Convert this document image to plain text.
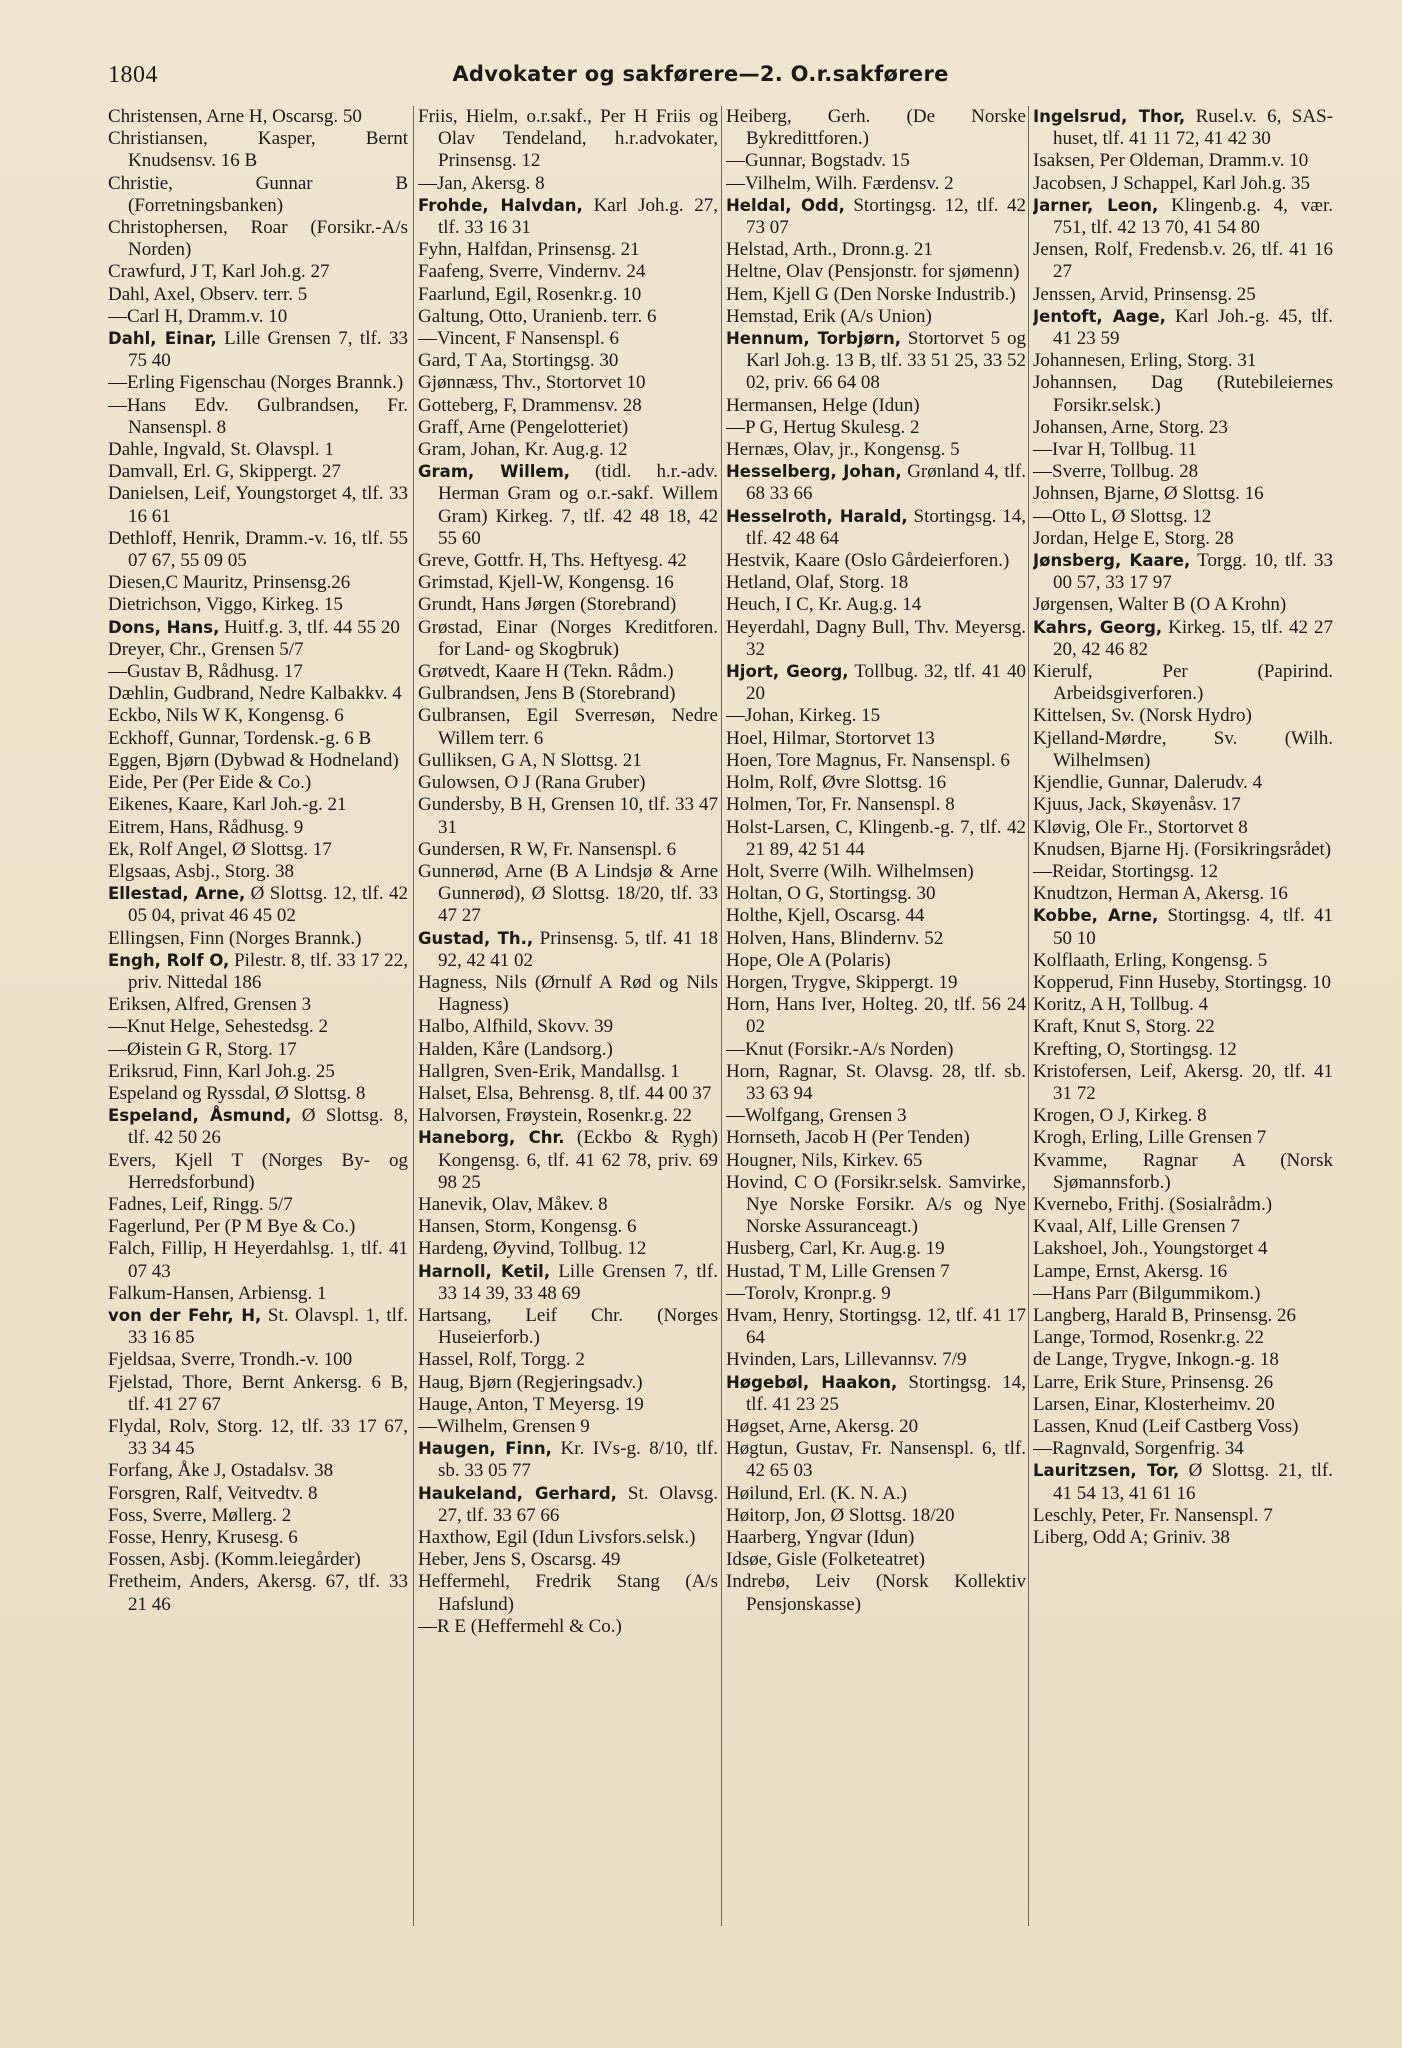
1804	Advokater og sakførere—2. O.r.sakførere

Christensen, Arne H, Oscarsg. 50

Christiansen, Kasper, Bernt Knudsensv. 16 B

Christie, Gunnar B (Forretningsbanken)

Christophersen, Roar (Forsikr.-A/s Norden)

Crawfurd, J T, Karl Joh.g. 27

Dahl, Axel, Observ. terr. 5

—Carl H, Dramm.v. 10

Dahl, Einar, Lille Grensen 7, tlf. 33 75 40

—Erling Figenschau (Norges Brannk.)

—Hans Edv. Gulbrandsen, Fr. Nansenspl. 8

Dahle, Ingvald, St. Olavspl. 1

Damvall, Erl. G, Skippergt. 27

Danielsen, Leif, Youngstorget 4, tlf. 33 16 61

Dethloff, Henrik, Dramm.-v. 16, tlf. 55 07 67, 55 09 05

Diesen,C Mauritz, Prinsensg.26

Dietrichson, Viggo, Kirkeg. 15

Dons, Hans, Huitf.g. 3, tlf. 44 55 20

Dreyer, Chr., Grensen 5/7

—Gustav B, Rådhusg. 17

Dæhlin, Gudbrand, Nedre Kalbakkv. 4

Eckbo, Nils W K, Kongensg. 6

Eckhoff, Gunnar, Tordensk.-g. 6 B

Eggen, Bjørn (Dybwad & Hodneland)

Eide, Per (Per Eide & Co.)

Eikenes, Kaare, Karl Joh.-g. 21

Eitrem, Hans, Rådhusg. 9

Ek, Rolf Angel, Ø Slottsg. 17

Elgsaas, Asbj., Storg. 38

Ellestad, Arne, Ø Slottsg. 12, tlf. 42 05 04, privat 46 45 02

Ellingsen, Finn (Norges Brannk.)

Engh, Rolf O, Pilestr. 8, tlf. 33 17 22, priv. Nittedal 186

Eriksen, Alfred, Grensen 3

—Knut Helge, Sehestedsg. 2

—Øistein G R, Storg. 17

Eriksrud, Finn, Karl Joh.g. 25

Espeland og Ryssdal, Ø Slottsg. 8

Espeland, Åsmund, Ø Slottsg. 8, tlf. 42 50 26

Evers, Kjell T (Norges By- og Herredsforbund)

Fadnes, Leif, Ringg. 5/7

Fagerlund, Per (P M Bye & Co.)

Falch, Fillip, H Heyerdahlsg. 1, tlf. 41 07 43

Falkum-Hansen, Arbiensg. 1

von der Fehr, H, St. Olavspl. 1, tlf. 33 16 85

Fjeldsaa, Sverre, Trondh.-v. 100

Fjelstad, Thore, Bernt Ankersg. 6 B, tlf. 41 27 67

Flydal, Rolv, Storg. 12, tlf. 33 17 67, 33 34 45

Forfang, Åke J, Ostadalsv. 38

Forsgren, Ralf, Veitvedtv. 8

Foss, Sverre, Møllerg. 2

Fosse, Henry, Krusesg. 6

Fossen, Asbj. (Komm.leiegårder)

Fretheim, Anders, Akersg. 67, tlf. 33 21 46

Friis, Hielm, o.r.sakf., Per H Friis og Olav Tendeland, h.r.advokater, Prinsensg. 12

—Jan, Akersg. 8

Frohde, Halvdan, Karl Joh.g. 27, tlf. 33 16 31

Fyhn, Halfdan, Prinsensg. 21

Faafeng, Sverre, Vindernv. 24

Faarlund, Egil, Rosenkr.g. 10

Galtung, Otto, Uranienb. terr. 6

—Vincent, F Nansenspl. 6

Gard, T Aa, Stortingsg. 30

Gjønnæss, Thv., Stortorvet 10

Gotteberg, F, Drammensv. 28

Graff, Arne (Pengelotteriet)

Gram, Johan, Kr. Aug.g. 12

Gram, Willem, (tidl. h.r.-adv. Herman Gram og o.r.-sakf. Willem Gram) Kirkeg. 7, tlf. 42 48 18, 42 55 60

Greve, Gottfr. H, Ths. Heftyesg. 42

Grimstad, Kjell-W, Kongensg. 16

Grundt, Hans Jørgen (Storebrand)

Grøstad, Einar (Norges Kreditforen. for Land- og Skogbruk)

Grøtvedt, Kaare H (Tekn. Rådm.)

Gulbrandsen, Jens B (Storebrand)

Gulbransen, Egil Sverresøn, Nedre Willem terr. 6

Gulliksen, G A, N Slottsg. 21

Gulowsen, O J (Rana Gruber)

Gundersby, B H, Grensen 10, tlf. 33 47 31

Gundersen, R W, Fr. Nansenspl. 6

Gunnerød, Arne (B A Lindsjø & Arne Gunnerød), Ø Slottsg. 18/20, tlf. 33 47 27

Gustad, Th., Prinsensg. 5, tlf. 41 18 92, 42 41 02

Hagness, Nils (Ørnulf A Rød og Nils Hagness)

Halbo, Alfhild, Skovv. 39

Halden, Kåre (Landsorg.)

Hallgren, Sven-Erik, Mandallsg. 1

Halset, Elsa, Behrensg. 8, tlf. 44 00 37

Halvorsen, Frøystein, Rosenkr.g. 22

Haneborg, Chr. (Eckbo & Rygh) Kongensg. 6, tlf. 41 62 78, priv. 69 98 25

Hanevik, Olav, Måkev. 8

Hansen, Storm, Kongensg. 6

Hardeng, Øyvind, Tollbug. 12

Harnoll, Ketil, Lille Grensen 7, tlf. 33 14 39, 33 48 69

Hartsang, Leif Chr. (Norges Huseierforb.)

Hassel, Rolf, Torgg. 2

Haug, Bjørn (Regjeringsadv.)

Hauge, Anton, T Meyersg. 19

—Wilhelm, Grensen 9

Haugen, Finn, Kr. IVs-g. 8/10, tlf. sb. 33 05 77

Haukeland, Gerhard, St. Olavsg. 27, tlf. 33 67 66

Haxthow, Egil (Idun Livsfors.selsk.)

Heber, Jens S, Oscarsg. 49

Heffermehl, Fredrik Stang (A/s Hafslund)

—R E (Heffermehl & Co.)

Heiberg, Gerh. (De Norske Bykredittforen.)

—Gunnar, Bogstadv. 15

—Vilhelm, Wilh. Færdensv. 2

Heldal, Odd, Stortingsg. 12, tlf. 42 73 07

Helstad, Arth., Dronn.g. 21

Heltne, Olav (Pensjonstr. for sjømenn)

Hem, Kjell G (Den Norske Industrib.)

Hemstad, Erik (A/s Union)

Hennum, Torbjørn, Stortorvet 5 og Karl Joh.g. 13 B, tlf. 33 51 25, 33 52 02, priv. 66 64 08

Hermansen, Helge (Idun)

—P G, Hertug Skulesg. 2

Hernæs, Olav, jr., Kongensg. 5

Hesselberg, Johan, Grønland 4, tlf. 68 33 66

Hesselroth, Harald, Stortingsg. 14, tlf. 42 48 64

Hestvik, Kaare (Oslo Gårdeierforen.)

Hetland, Olaf, Storg. 18

Heuch, I C, Kr. Aug.g. 14

Heyerdahl, Dagny Bull, Thv. Meyersg. 32

Hjort, Georg, Tollbug. 32, tlf. 41 40 20

—Johan, Kirkeg. 15

Hoel, Hilmar, Stortorvet 13

Hoen, Tore Magnus, Fr. Nansenspl. 6

Holm, Rolf, Øvre Slottsg. 16

Holmen, Tor, Fr. Nansenspl. 8

Holst-Larsen, C, Klingenb.-g. 7, tlf. 42 21 89, 42 51 44

Holt, Sverre (Wilh. Wilhelmsen)

Holtan, O G, Stortingsg. 30

Holthe, Kjell, Oscarsg. 44

Holven, Hans, Blindernv. 52

Hope, Ole A (Polaris)

Horgen, Trygve, Skippergt. 19

Horn, Hans Iver, Holteg. 20, tlf. 56 24 02

—Knut (Forsikr.-A/s Norden)

Horn, Ragnar, St. Olavsg. 28, tlf. sb. 33 63 94

—Wolfgang, Grensen 3

Hornseth, Jacob H (Per Tenden)

Hougner, Nils, Kirkev. 65

Hovind, C O (Forsikr.selsk. Samvirke, Nye Norske Forsikr. A/s og Nye Norske Assuranceagt.)

Husberg, Carl, Kr. Aug.g. 19

Hustad, T M, Lille Grensen 7

—Torolv, Kronpr.g. 9

Hvam, Henry, Stortingsg. 12, tlf. 41 17 64

Hvinden, Lars, Lillevannsv. 7/9

Høgebøl, Haakon, Stortingsg. 14, tlf. 41 23 25

Høgset, Arne, Akersg. 20

Høgtun, Gustav, Fr. Nansenspl. 6, tlf. 42 65 03

Høilund, Erl. (K. N. A.)

Høitorp, Jon, Ø Slottsg. 18/20

Haarberg, Yngvar (Idun)

Idsøe, Gisle (Folketeatret)

Indrebø, Leiv (Norsk Kollektiv Pensjonskasse)

Ingelsrud, Thor, Rusel.v. 6, SAS-huset, tlf. 41 11 72, 41 42 30

Isaksen, Per Oldeman, Dramm.v. 10

Jacobsen, J Schappel, Karl Joh.g. 35

Jarner, Leon, Klingenb.g. 4, vær. 751, tlf. 42 13 70, 41 54 80

Jensen, Rolf, Fredensb.v. 26, tlf. 41 16 27

Jenssen, Arvid, Prinsensg. 25

Jentoft, Aage, Karl Joh.-g. 45, tlf. 41 23 59

Johannesen, Erling, Storg. 31

Johannsen, Dag (Rutebileiernes Forsikr.selsk.)

Johansen, Arne, Storg. 23

—Ivar H, Tollbug. 11

—Sverre, Tollbug. 28

Johnsen, Bjarne, Ø Slottsg. 16

—Otto L, Ø Slottsg. 12

Jordan, Helge E, Storg. 28

Jønsberg, Kaare, Torgg. 10, tlf. 33 00 57, 33 17 97

Jørgensen, Walter B (O A Krohn)

Kahrs, Georg, Kirkeg. 15, tlf. 42 27 20, 42 46 82

Kierulf, Per (Papirind. Arbeidsgiverforen.)

Kittelsen, Sv. (Norsk Hydro)

Kjelland-Mørdre, Sv. (Wilh. Wilhelmsen)

Kjendlie, Gunnar, Dalerudv. 4

Kjuus, Jack, Skøyenåsv. 17

Kløvig, Ole Fr., Stortorvet 8

Knudsen, Bjarne Hj. (Forsikringsrådet)

—Reidar, Stortingsg. 12

Knudtzon, Herman A, Akersg. 16

Kobbe, Arne, Stortingsg. 4, tlf. 41 50 10

Kolflaath, Erling, Kongensg. 5

Kopperud, Finn Huseby, Stortingsg. 10

Koritz, A H, Tollbug. 4

Kraft, Knut S, Storg. 22

Krefting, O, Stortingsg. 12

Kristofersen, Leif, Akersg. 20, tlf. 41 31 72

Krogen, O J, Kirkeg. 8

Krogh, Erling, Lille Grensen 7

Kvamme, Ragnar A (Norsk Sjømannsforb.)

Kvernebo, Frithj. (Sosialrådm.)

Kvaal, Alf, Lille Grensen 7

Lakshoel, Joh., Youngstorget 4

Lampe, Ernst, Akersg. 16

—Hans Parr (Bilgummikom.)

Langberg, Harald B, Prinsensg. 26

Lange, Tormod, Rosenkr.g. 22

de Lange, Trygve, Inkogn.-g. 18

Larre, Erik Sture, Prinsensg. 26

Larsen, Einar, Klosterheimv. 20

Lassen, Knud (Leif Castberg Voss)

—Ragnvald, Sorgenfrig. 34

Lauritzsen, Tor, Ø Slottsg. 21, tlf. 41 54 13, 41 61 16

Leschly, Peter, Fr. Nansenspl. 7

Liberg, Odd A; Griniv. 38
